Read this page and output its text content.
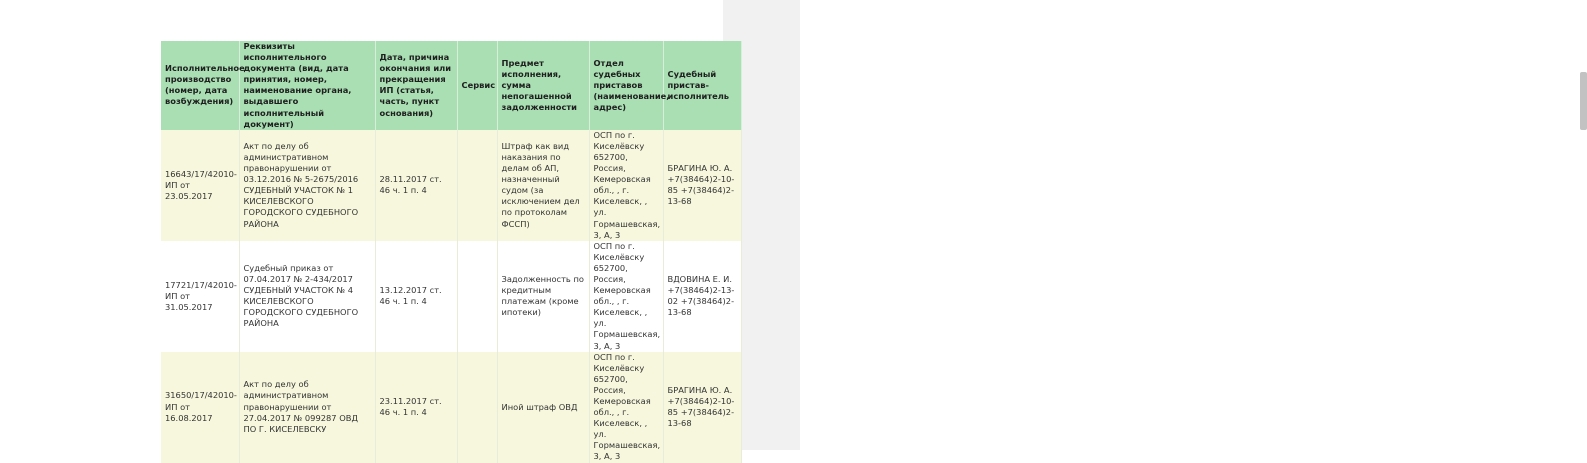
Исполнительное производство (номер, дата возбуждения)	Реквизиты исполнительного документа (вид, дата принятия, номер, наименование органа, выдавшего исполнительный документ)	Дата, причина окончания или прекращения ИП (статья, часть, пункт основания)	Сервис	Предмет исполнения, сумма непогашенной задолженности	Отдел судебных приставов (наименование, адрес)	Судебный пристав-исполнитель
16643/17/42010-ИП от 23.05.2017	Акт по делу об административном правонарушении от 03.12.2016 № 5-2675/2016 СУДЕБНЫЙ УЧАСТОК № 1 КИСЕЛЕВСКОГО ГОРОДСКОГО СУДЕБНОГО РАЙОНА	28.11.2017 ст. 46 ч. 1 п. 4		Штраф как вид наказания по делам об АП, назначенный судом (за исключением дел по протоколам ФССП)	ОСП по г. Киселёвску 652700, Россия, Кемеровская обл., , г. Киселевск, , ул. Гормашевская, 3, А, 3	БРАГИНА Ю. А. +7(38464)2-10-85 +7(38464)2-13-68
17721/17/42010-ИП от 31.05.2017	Судебный приказ от 07.04.2017 № 2-434/2017 СУДЕБНЫЙ УЧАСТОК № 4 КИСЕЛЕВСКОГО ГОРОДСКОГО СУДЕБНОГО РАЙОНА	13.12.2017 ст. 46 ч. 1 п. 4		Задолженность по кредитным платежам (кроме ипотеки)	ОСП по г. Киселёвску 652700, Россия, Кемеровская обл., , г. Киселевск, , ул. Гормашевская, 3, А, 3	ВДОВИНА Е. И. +7(38464)2-13-02 +7(38464)2-13-68
31650/17/42010-ИП от 16.08.2017	Акт по делу об административном правонарушении от 27.04.2017 № 099287 ОВД ПО Г. КИСЕЛЕВСКУ	23.11.2017 ст. 46 ч. 1 п. 4		Иной штраф ОВД	ОСП по г. Киселёвску 652700, Россия, Кемеровская обл., , г. Киселевск, , ул. Гормашевская, 3, А, 3	БРАГИНА Ю. А. +7(38464)2-10-85 +7(38464)2-13-68
